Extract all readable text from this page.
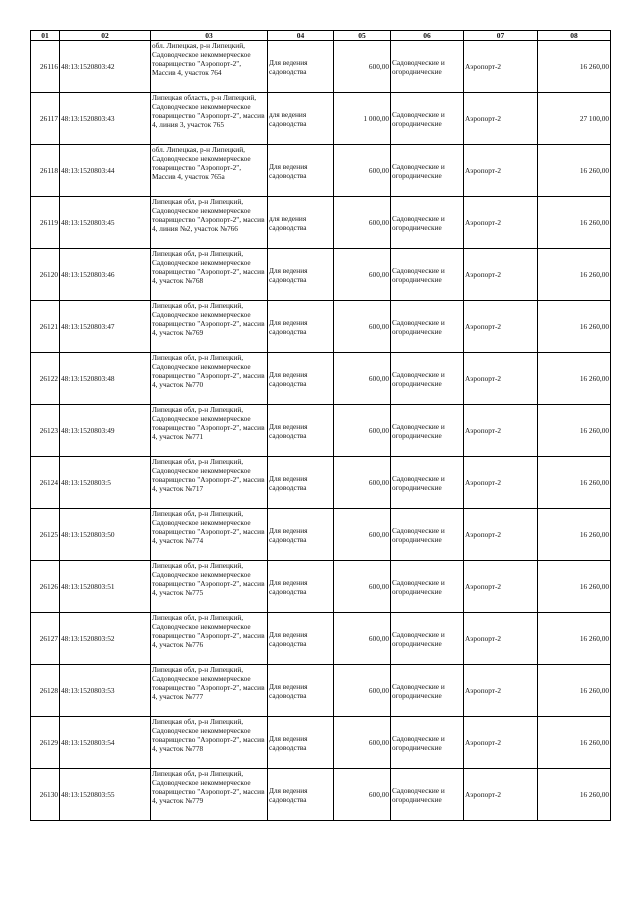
01	02	03	04	05	06	07	08
26116	48:13:1520803:42	обл. Липецкая, р-н Липецкий, Садоводческое некоммерческое товарищество "Аэропорт-2", Массив 4, участок 764	Для ведения садоводства	600,00	Садоводческие и огороднические	Аэропорт-2	16 260,00
26117	48:13:1520803:43	Липецкая область, р-н Липецкий, Садоводческое некоммерческое товарищество "Аэропорт-2", массив 4, линия 3, участок 765	для ведения садоводства	1 000,00	Садоводческие и огороднические	Аэропорт-2	27 100,00
26118	48:13:1520803:44	обл. Липецкая, р-н Липецкий, Садоводческое некоммерческое товарищество "Аэропорт-2", Массив 4, участок 765а	Для ведения садоводства	600,00	Садоводческие и огороднические	Аэропорт-2	16 260,00
26119	48:13:1520803:45	Липецкая обл, р-н Липецкий, Садоводческое некоммерческое товарищество "Аэропорт-2", массив 4, линия №2, участок №766	для ведения садоводства	600,00	Садоводческие и огороднические	Аэропорт-2	16 260,00
26120	48:13:1520803:46	Липецкая обл, р-н Липецкий, Садоводческое некоммерческое товарищество "Аэропорт-2", массив 4, участок №768	Для ведения садоводства	600,00	Садоводческие и огороднические	Аэропорт-2	16 260,00
26121	48:13:1520803:47	Липецкая обл, р-н Липецкий, Садоводческое некоммерческое товарищество "Аэропорт-2", массив 4, участок №769	Для ведения садоводства	600,00	Садоводческие и огороднические	Аэропорт-2	16 260,00
26122	48:13:1520803:48	Липецкая обл, р-н Липецкий, Садоводческое некоммерческое товарищество "Аэропорт-2", массив 4, участок №770	Для ведения садоводства	600,00	Садоводческие и огороднические	Аэропорт-2	16 260,00
26123	48:13:1520803:49	Липецкая обл, р-н Липецкий, Садоводческое некоммерческое товарищество "Аэропорт-2", массив 4, участок №771	Для ведения садоводства	600,00	Садоводческие и огороднические	Аэропорт-2	16 260,00
26124	48:13:1520803:5	Липецкая обл, р-н Липецкий, Садоводческое некоммерческое товарищество "Аэропорт-2", массив 4, участок №717	Для ведения садоводства	600,00	Садоводческие и огороднические	Аэропорт-2	16 260,00
26125	48:13:1520803:50	Липецкая обл, р-н Липецкий, Садоводческое некоммерческое товарищество "Аэропорт-2", массив 4, участок №774	Для ведения садоводства	600,00	Садоводческие и огороднические	Аэропорт-2	16 260,00
26126	48:13:1520803:51	Липецкая обл, р-н Липецкий, Садоводческое некоммерческое товарищество "Аэропорт-2", массив 4, участок №775	Для ведения садоводства	600,00	Садоводческие и огороднические	Аэропорт-2	16 260,00
26127	48:13:1520803:52	Липецкая обл, р-н Липецкий, Садоводческое некоммерческое товарищество "Аэропорт-2", массив 4, участок №776	Для ведения садоводства	600,00	Садоводческие и огороднические	Аэропорт-2	16 260,00
26128	48:13:1520803:53	Липецкая обл, р-н Липецкий, Садоводческое некоммерческое товарищество "Аэропорт-2", массив 4, участок №777	Для ведения садоводства	600,00	Садоводческие и огороднические	Аэропорт-2	16 260,00
26129	48:13:1520803:54	Липецкая обл, р-н Липецкий, Садоводческое некоммерческое товарищество "Аэропорт-2", массив 4, участок №778	Для ведения садоводства	600,00	Садоводческие и огороднические	Аэропорт-2	16 260,00
26130	48:13:1520803:55	Липецкая обл, р-н Липецкий, Садоводческое некоммерческое товарищество "Аэропорт-2", массив 4, участок №779	Для ведения садоводства	600,00	Садоводческие и огороднические	Аэропорт-2	16 260,00
